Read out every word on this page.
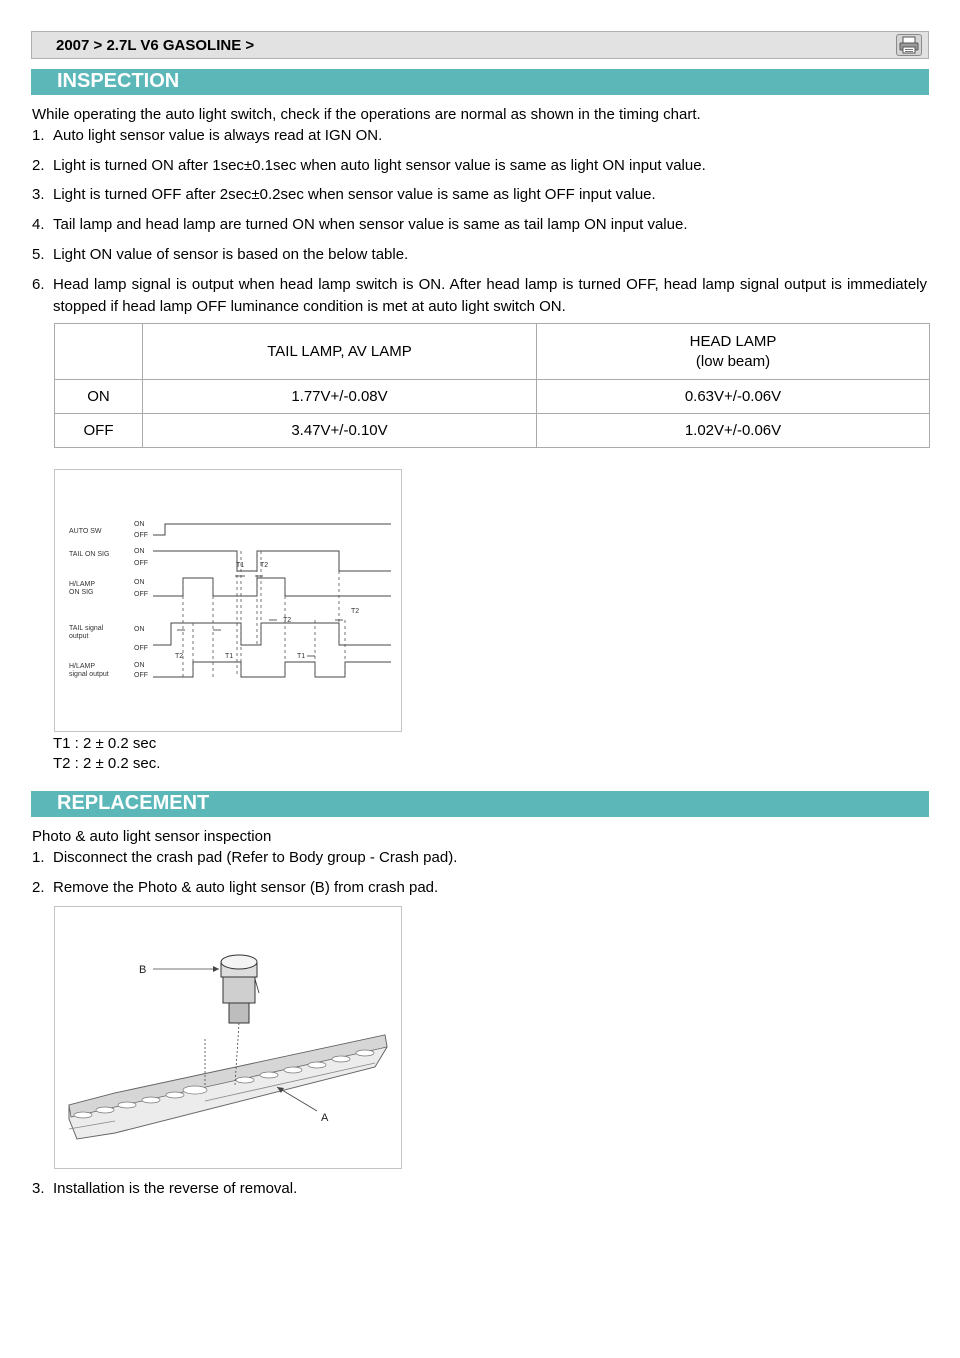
2007 > 2.7L V6 GASOLINE >
INSPECTION
While operating the auto light switch, check if the operations are normal as shown in the timing chart.
1. Auto light sensor value is always read at IGN ON.
2. Light is turned ON after 1sec±0.1sec when auto light sensor value is same as light ON input value.
3. Light is turned OFF after 2sec±0.2sec when sensor value is same as light OFF input value.
4. Tail lamp and head lamp are turned ON when sensor value is same as tail lamp ON input value.
5. Light ON value of sensor is based on the below table.
6. Head lamp signal is output when head lamp switch is ON. After head lamp is turned OFF, head lamp signal output is immediately stopped if head lamp OFF luminance condition is met at auto light switch ON.
	TAIL LAMP, AV LAMP	HEAD LAMP
(low beam)

ON	1.77V+/-0.08V	0.63V+/-0.06V
OFF	3.47V+/-0.10V	1.02V+/-0.06V
AUTO SW
TAIL ON SIG
H/LAMP
ON SIG
TAIL signal
output
H/LAMP
signal output
ON
OFF
ON
OFF
ON
OFF
ON
OFF
ON
OFF
T1 T2
T2
T2
T2	T1	T1
T1 : 2 ± 0.2 sec
T2 : 2 ± 0.2 sec.
REPLACEMENT
Photo & auto light sensor inspection
1. Disconnect the crash pad (Refer to Body group - Crash pad).
2. Remove the Photo & auto light sensor (B) from crash pad.
B
A
3. Installation is the reverse of removal.
